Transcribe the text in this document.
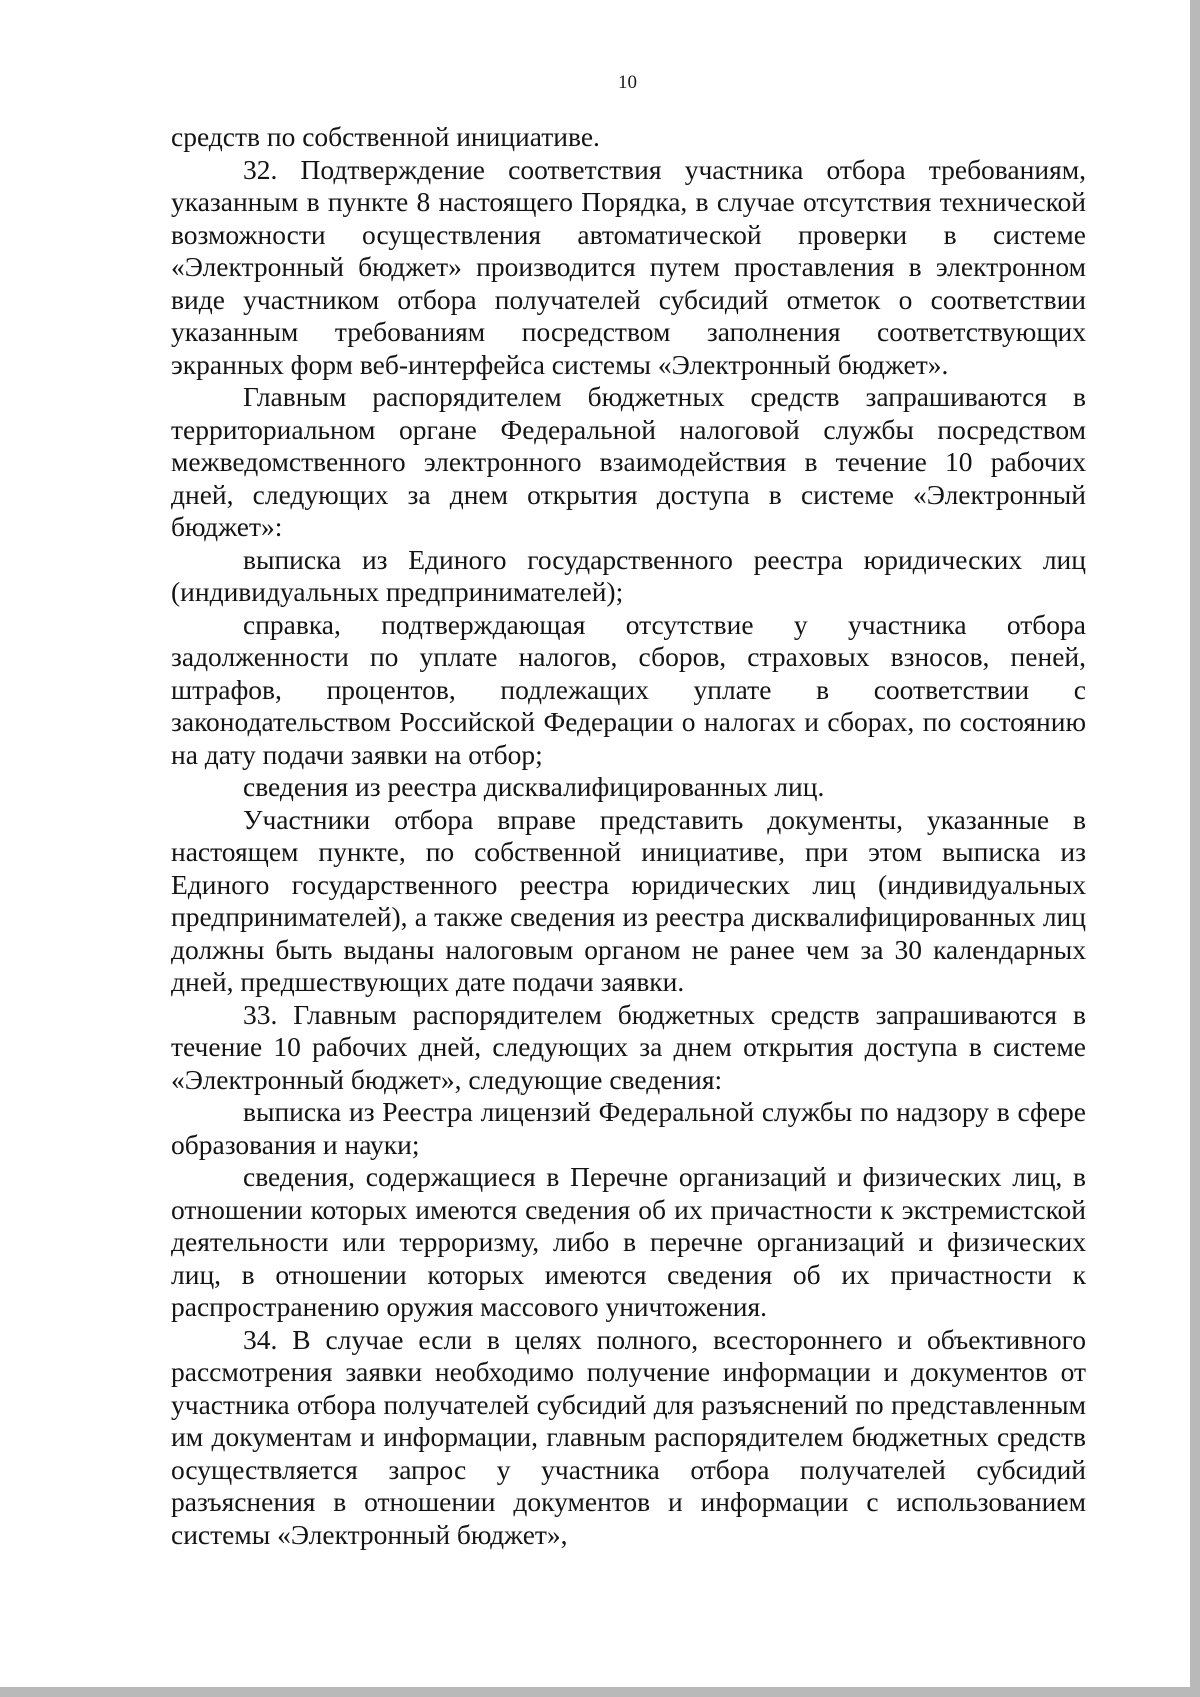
10

средств по собственной инициативе.

32. Подтверждение соответствия участника отбора требованиям, указанным в пункте 8 настоящего Порядка, в случае отсутствия технической возможности осуществления автоматической проверки в системе «Электронный бюджет» производится путем проставления в электронном виде участником отбора получателей субсидий отметок о соответствии указанным требованиям посредством заполнения соответствующих экранных форм веб-интерфейса системы «Электронный бюджет».

Главным распорядителем бюджетных средств запрашиваются в территориальном органе Федеральной налоговой службы посредством межведомственного электронного взаимодействия в течение 10 рабочих дней, следующих за днем открытия доступа в системе «Электронный бюджет»:

выписка из Единого государственного реестра юридических лиц (индивидуальных предпринимателей);

справка, подтверждающая отсутствие у участника отбора задолженности по уплате налогов, сборов, страховых взносов, пеней, штрафов, процентов, подлежащих уплате в соответствии с законодательством Российской Федерации о налогах и сборах, по состоянию на дату подачи заявки на отбор;

сведения из реестра дисквалифицированных лиц.

Участники отбора вправе представить документы, указанные в настоящем пункте, по собственной инициативе, при этом выписка из Единого государственного реестра юридических лиц (индивидуальных предпринимателей), а также сведения из реестра дисквалифицированных лиц должны быть выданы налоговым органом не ранее чем за 30 календарных дней, предшествующих дате подачи заявки.

33. Главным распорядителем бюджетных средств запрашиваются в течение 10 рабочих дней, следующих за днем открытия доступа в системе «Электронный бюджет», следующие сведения:

выписка из Реестра лицензий Федеральной службы по надзору в сфере образования и науки;

сведения, содержащиеся в Перечне организаций и физических лиц, в отношении которых имеются сведения об их причастности к экстремистской деятельности или терроризму, либо в перечне организаций и физических лиц, в отношении которых имеются сведения об их причастности к распространению оружия массового уничтожения.

34. В случае если в целях полного, всестороннего и объективного рассмотрения заявки необходимо получение информации и документов от участника отбора получателей субсидий для разъяснений по представленным им документам и информации, главным распорядителем бюджетных средств осуществляется запрос у участника отбора получателей субсидий разъяснения в отношении документов и информации с использованием системы «Электронный бюджет»,
